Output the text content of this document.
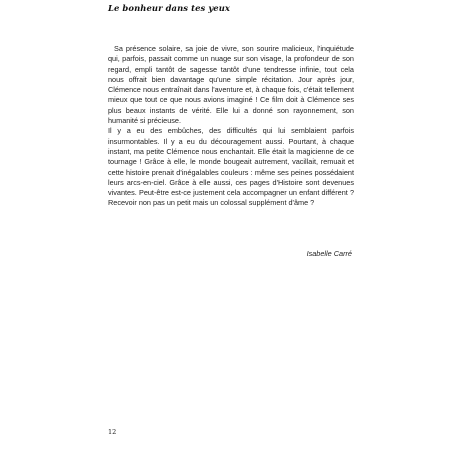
Le bonheur dans tes yeux

Sa présence solaire, sa joie de vivre, son sourire malicieux, l'inquiétude qui, parfois, passait comme un nuage sur son visage, la profondeur de son regard, empli tantôt de sagesse tantôt d'une tendresse infinie, tout cela nous offrait bien davantage qu'une simple récitation. Jour après jour, Clémence nous entraînait dans l'aventure et, à chaque fois, c'était tellement mieux que tout ce que nous avions imaginé ! Ce film doit à Clémence ses plus beaux instants de vérité. Elle lui a donné son rayonnement, son humanité si précieuse.

Il y a eu des embûches, des difficultés qui lui semblaient parfois insurmontables. Il y a eu du découragement aussi. Pourtant, à chaque instant, ma petite Clémence nous enchantait. Elle était la magicienne de ce tournage ! Grâce à elle, le monde bougeait autrement, vacillait, remuait et cette histoire prenait d'inégalables couleurs : même ses peines possédaient leurs arcs-en-ciel. Grâce à elle aussi, ces pages d'Histoire sont devenues vivantes. Peut-être est-ce justement cela accompagner un enfant différent ? Recevoir non pas un petit mais un colossal supplément d'âme ?

Isabelle Carré
12
